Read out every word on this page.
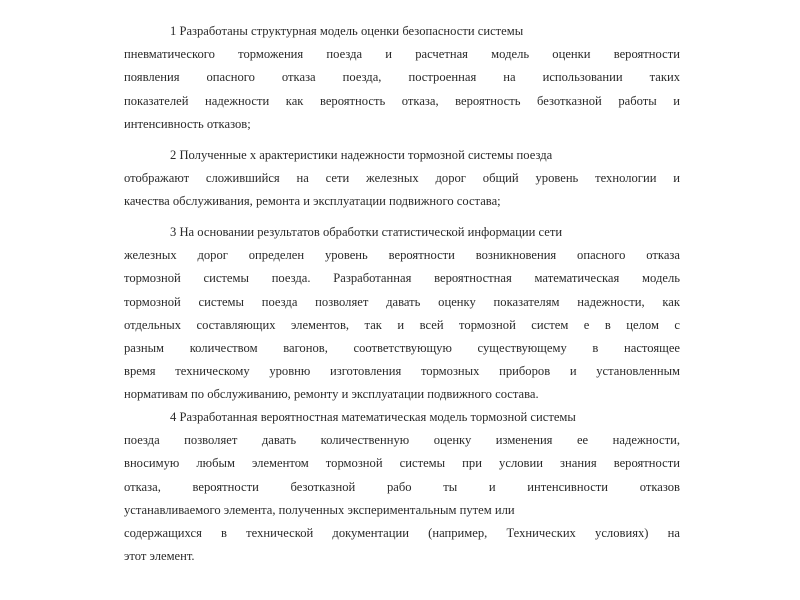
1 Разработаны структурная модель оценки безопасности системы
пневматического торможения поезда и расчетная модель оценки вероятности
появления опасного отказа поезда, построенная на использовании таких
показателей надежности как вероятность отказа, вероятность безотказной работы и
интенсивность отказов;
2 Полученные х арактеристики надежности тормозной системы поезда
отображают сложившийся на сети железных дорог общий уровень технологии и
качества обслуживания, ремонта и эксплуатации подвижного состава;
3 На основании результатов обработки статистической информации сети
железных дорог определен уровень вероятности возникновения опасного отказа
тормозной системы поезда. Разработанная вероятностная математическая модель
тормозной системы поезда позволяет давать оценку показателям надежности, как
отдельных составляющих элементов, так и всей тормозной систем е в целом с
разным количеством вагонов, соответствующую существующему в настоящее
время техническому уровню изготовления тормозных приборов и установленным
нормативам по обслуживанию, ремонту и эксплуатации подвижного состава.
4 Разработанная вероятностная математическая модель тормозной системы
поезда позволяет давать количественную оценку изменения ее надежности,
вносимую любым элементом тормозной системы при условии знания вероятности
отказа, вероятности безотказной рабо ты и интенсивности отказов
устанавливаемого элемента, полученных экспериментальным путем или
содержащихся в технической документации (например, Технических условиях) на
этот элемент.
